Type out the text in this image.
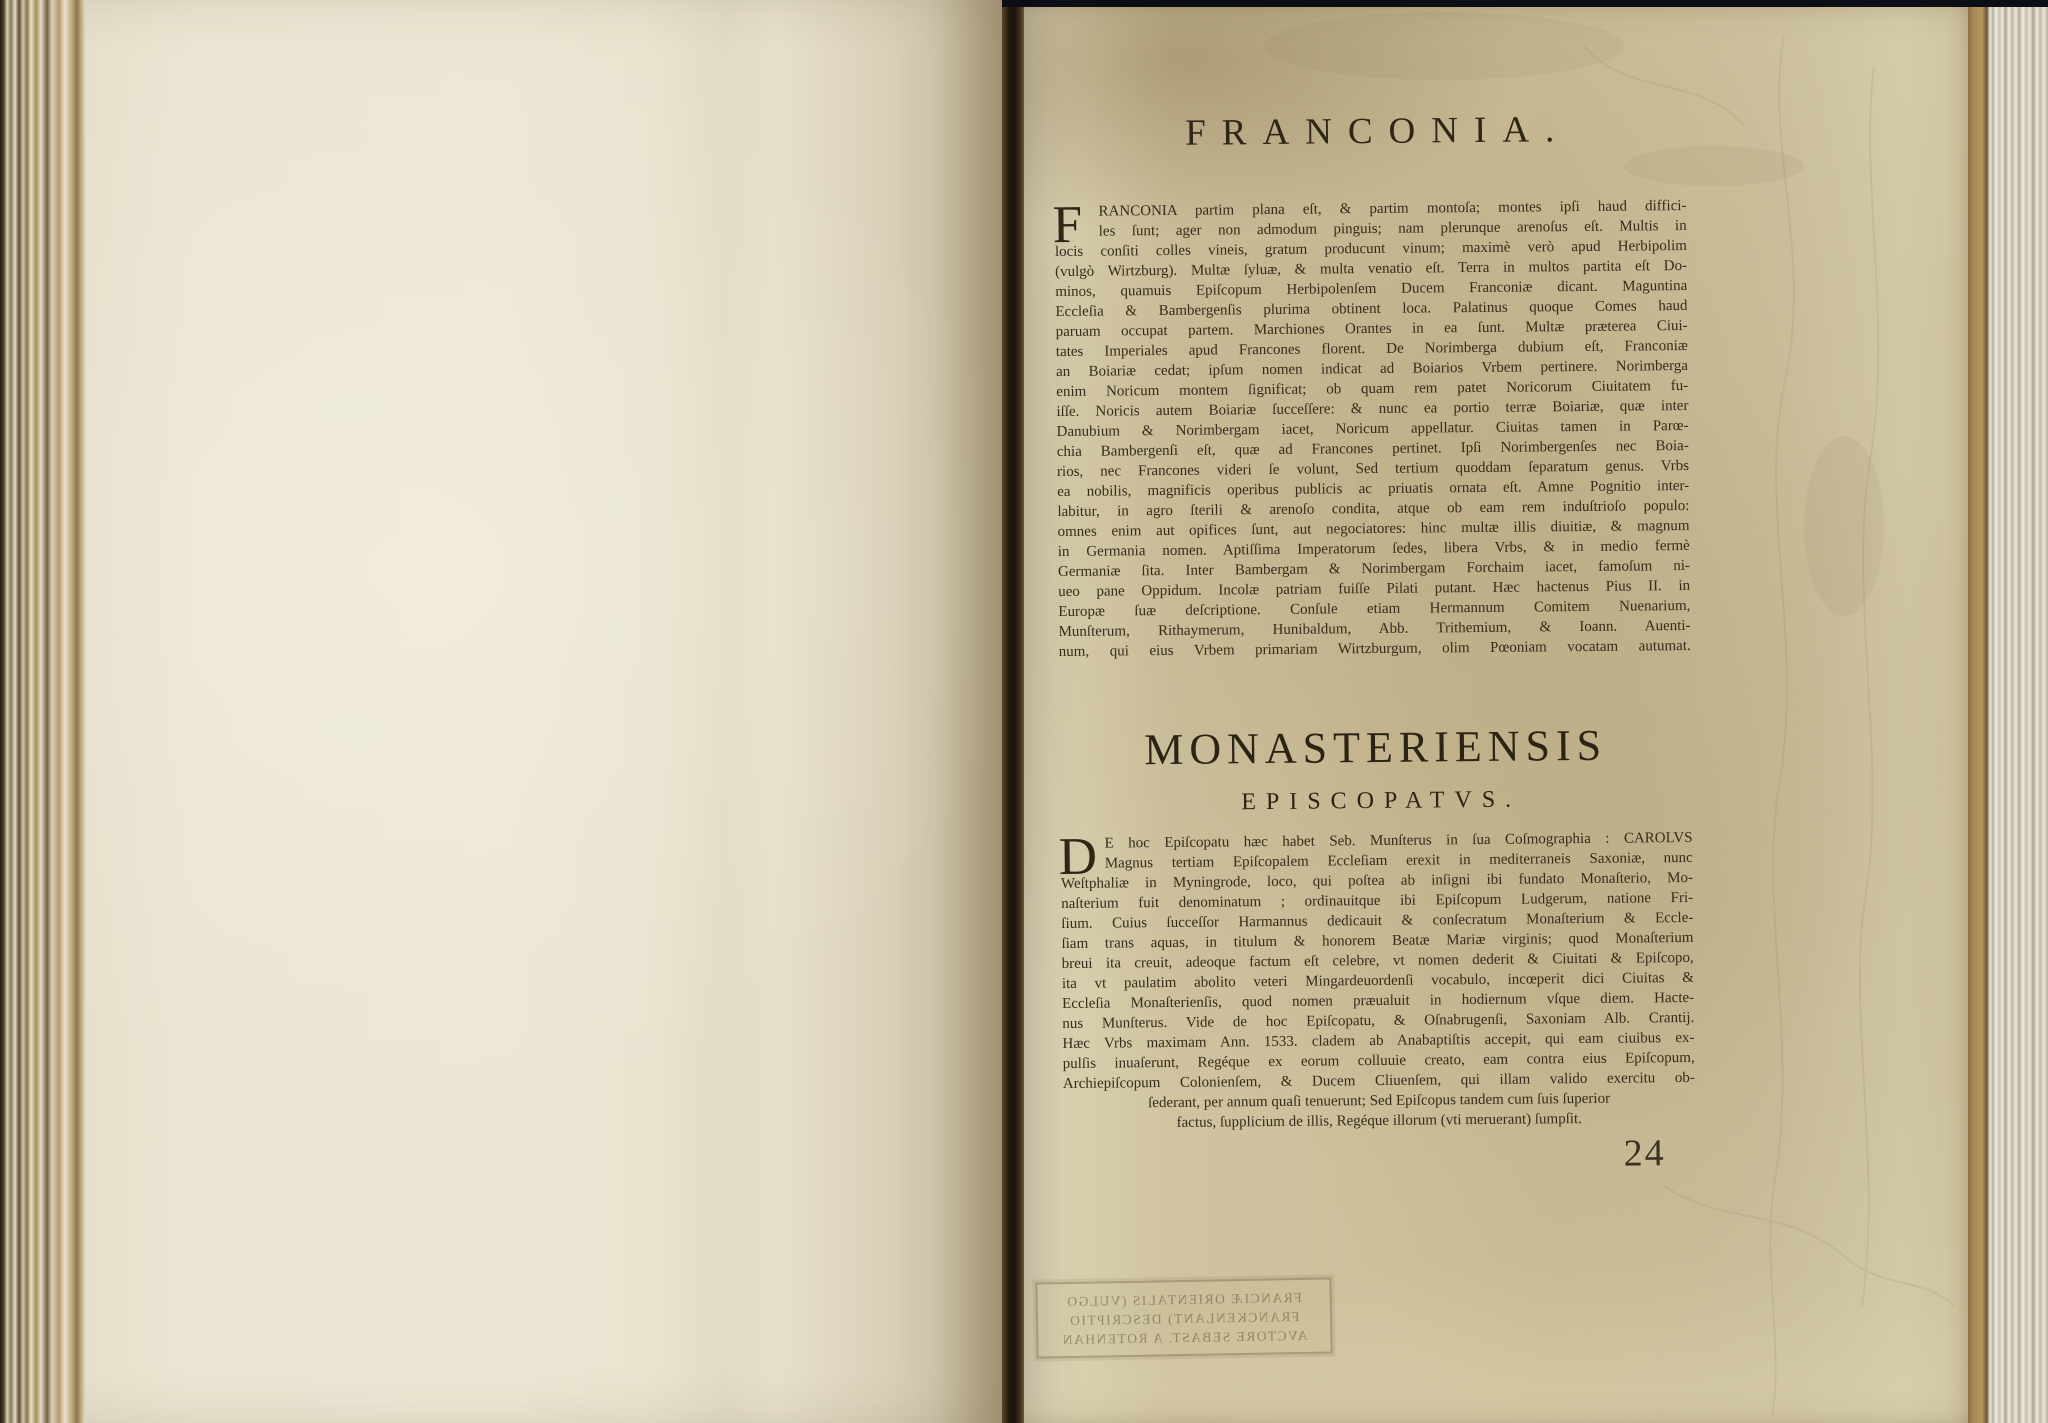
FRANCONIA.
F	RANCONIA partim plana eſt, & partim montoſa; montes ipſi haud diffici-
les ſunt; ager non admodum pinguis; nam plerunque arenoſus eſt. Multis in
locis conſiti colles vineis, gratum producunt vinum; maximè verò apud Herbipolim
(vulgò Wirtzburg). Multæ ſyluæ, & multa venatio eſt. Terra in multos partita eſt Do-
minos, quamuis Epiſcopum Herbipolenſem Ducem Franconiæ dicant. Maguntina
Eccleſia & Bambergenſis plurima obtinent loca. Palatinus quoque Comes haud
paruam occupat partem. Marchiones Orantes in ea ſunt. Multæ præterea Ciui-
tates Imperiales apud Francones florent. De Norimberga dubium eſt, Franconiæ
an Boiariæ cedat; ipſum nomen indicat ad Boiarios Vrbem pertinere. Norimberga
enim Noricum montem ſignificat; ob quam rem patet Noricorum Ciuitatem fu-
iſſe. Noricis autem Boiariæ ſucceſſere: & nunc ea portio terræ Boiariæ, quæ inter
Danubium & Norimbergam iacet, Noricum appellatur. Ciuitas tamen in Parœ-
chia Bambergenſi eſt, quæ ad Francones pertinet. Ipſi Norimbergenſes nec Boia-
rios, nec Francones videri ſe volunt, Sed tertium quoddam ſeparatum genus. Vrbs
ea nobilis, magnificis operibus publicis ac priuatis ornata eſt. Amne Pognitio inter-
labitur, in agro ſterili & arenoſo condita, atque ob eam rem induſtrioſo populo:
omnes enim aut opifices ſunt, aut negociatores: hinc multæ illis diuitiæ, & magnum
in Germania nomen. Aptiſſima Imperatorum ſedes, libera Vrbs, & in medio fermè
Germaniæ ſita. Inter Bambergam & Norimbergam Forchaim iacet, famoſum ni-
ueo pane Oppidum. Incolæ patriam fuiſſe Pilati putant. Hæc hactenus Pius II. in
Europæ ſuæ deſcriptione. Conſule etiam Hermannum Comitem Nuenarium,
Munſterum, Rithaymerum, Hunibaldum, Abb. Trithemium, & Ioann. Auenti-
num, qui eius Vrbem primariam Wirtzburgum, olim Pœoniam vocatam autumat.
MONASTERIENSIS
EPISCOPATVS.
D E hoc Epiſcopatu hæc habet Seb. Munſterus in ſua Coſmographia : CAROLVS
Magnus tertiam Epiſcopalem Eccleſiam erexit in mediterraneis Saxoniæ, nunc
Weſtphaliæ in Myningrode, loco, qui poſtea ab inſigni ibi fundato Monaſterio, Mo-
naſterium fuit denominatum ; ordinauitque ibi Epiſcopum Ludgerum, natione Fri-
ſium. Cuius ſucceſſor Harmannus dedicauit & conſecratum Monaſterium & Eccle-
ſiam trans aquas, in titulum & honorem Beatæ Mariæ virginis; quod Monaſterium
breui ita creuit, adeoque factum eſt celebre, vt nomen dederit & Ciuitati & Epiſcopo,
ita vt paulatim abolito veteri Mingardeuordenſi vocabulo, incœperit dici Ciuitas &
Eccleſia Monaſterienſis, quod nomen præualuit in hodiernum vſque diem. Hacte-
nus Munſterus. Vide de hoc Epiſcopatu, & Oſnabrugenſi, Saxoniam Alb. Crantij.
Hæc Vrbs maximam Ann. 1533. cladem ab Anabaptiſtis accepit, qui eam ciuibus ex-
pulſis inuaſerunt, Regéque ex eorum colluuie creato, eam contra eius Epiſcopum,
Archiepiſcopum Colonienſem, & Ducem Cliuenſem, qui illam valido exercitu ob-
ſederant, per annum quaſi tenuerunt; Sed Epiſcopus tandem cum ſuis ſuperior
factus, ſupplicium de illis, Regéque illorum (vti meruerant) ſumpſit.
24
FRANCIÆ ORIENTALIS (VULGO
FRANCKENLANT) DESCRIPTIO
AVCTORE SEBAST. A ROTENHAN
